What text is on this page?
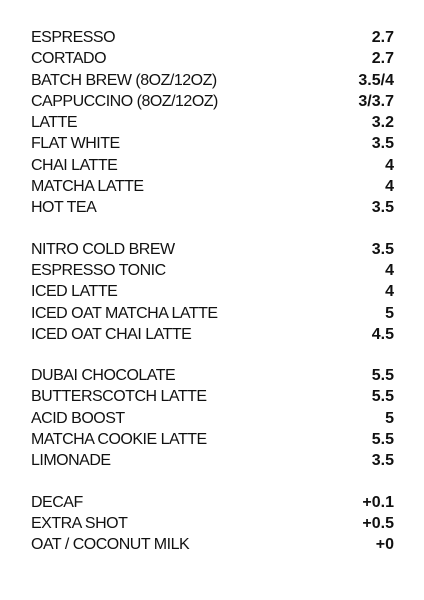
ESPRESSO	2.7
CORTADO	2.7
BATCH BREW (8OZ/12OZ)	3.5/4
CAPPUCCINO (8OZ/12OZ)	3/3.7
LATTE	3.2
FLAT WHITE	3.5
CHAI LATTE	4
MATCHA LATTE	4
HOT TEA	3.5
NITRO COLD BREW	3.5
ESPRESSO TONIC	4
ICED LATTE	4
ICED OAT MATCHA LATTE	5
ICED OAT CHAI LATTE	4.5
DUBAI CHOCOLATE	5.5
BUTTERSCOTCH LATTE	5.5
ACID BOOST	5
MATCHA COOKIE LATTE	5.5
LIMONADE	3.5
DECAF	+0.1
EXTRA SHOT	+0.5
OAT / COCONUT MILK	+0
